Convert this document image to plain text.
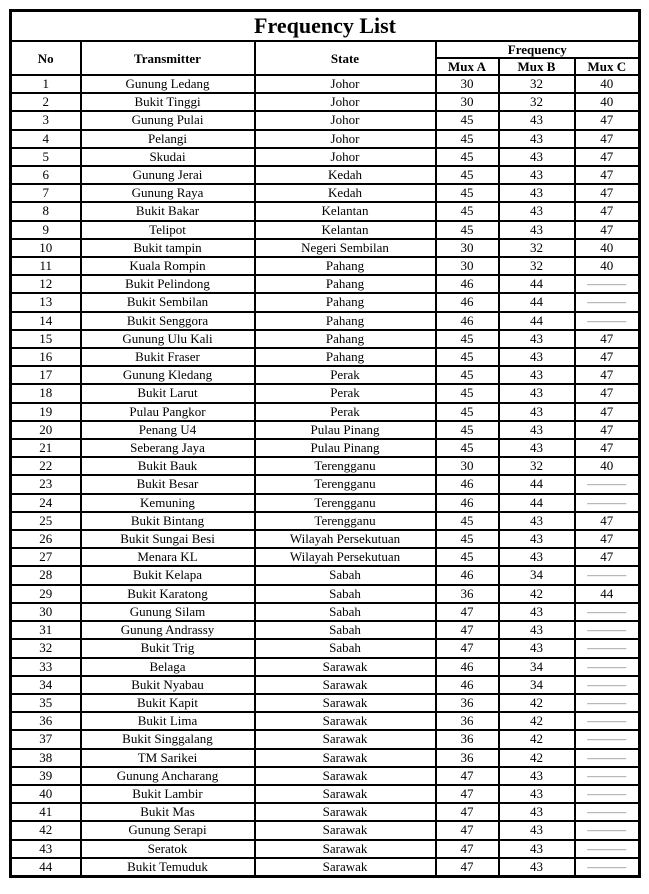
Frequency List					
No	Transmitter	State	Frequency		
			Mux A	Mux B	Mux C
1	Gunung Ledang	Johor	30	32	40
2	Bukit Tinggi	Johor	30	32	40
3	Gunung Pulai	Johor	45	43	47
4	Pelangi	Johor	45	43	47
5	Skudai	Johor	45	43	47
6	Gunung Jerai	Kedah	45	43	47
7	Gunung Raya	Kedah	45	43	47
8	Bukit Bakar	Kelantan	45	43	47
9	Telipot	Kelantan	45	43	47
10	Bukit tampin	Negeri Sembilan	30	32	40
11	Kuala Rompin	Pahang	30	32	40
12	Bukit Pelindong	Pahang	46	44	———
13	Bukit Sembilan	Pahang	46	44	———
14	Bukit Senggora	Pahang	46	44	———
15	Gunung Ulu Kali	Pahang	45	43	47
16	Bukit Fraser	Pahang	45	43	47
17	Gunung Kledang	Perak	45	43	47
18	Bukit Larut	Perak	45	43	47
19	Pulau Pangkor	Perak	45	43	47
20	Penang U4	Pulau Pinang	45	43	47
21	Seberang Jaya	Pulau Pinang	45	43	47
22	Bukit Bauk	Terengganu	30	32	40
23	Bukit Besar	Terengganu	46	44	———
24	Kemuning	Terengganu	46	44	———
25	Bukit Bintang	Terengganu	45	43	47
26	Bukit Sungai Besi	Wilayah Persekutuan	45	43	47
27	Menara KL	Wilayah Persekutuan	45	43	47
28	Bukit Kelapa	Sabah	46	34	———
29	Bukit Karatong	Sabah	36	42	44
30	Gunung Silam	Sabah	47	43	———
31	Gunung Andrassy	Sabah	47	43	———
32	Bukit Trig	Sabah	47	43	———
33	Belaga	Sarawak	46	34	———
34	Bukit Nyabau	Sarawak	46	34	———
35	Bukit Kapit	Sarawak	36	42	———
36	Bukit Lima	Sarawak	36	42	———
37	Bukit Singgalang	Sarawak	36	42	———
38	TM Sarikei	Sarawak	36	42	———
39	Gunung Ancharang	Sarawak	47	43	———
40	Bukit Lambir	Sarawak	47	43	———
41	Bukit Mas	Sarawak	47	43	———
42	Gunung Serapi	Sarawak	47	43	———
43	Seratok	Sarawak	47	43	———
44	Bukit Temuduk	Sarawak	47	43	———
